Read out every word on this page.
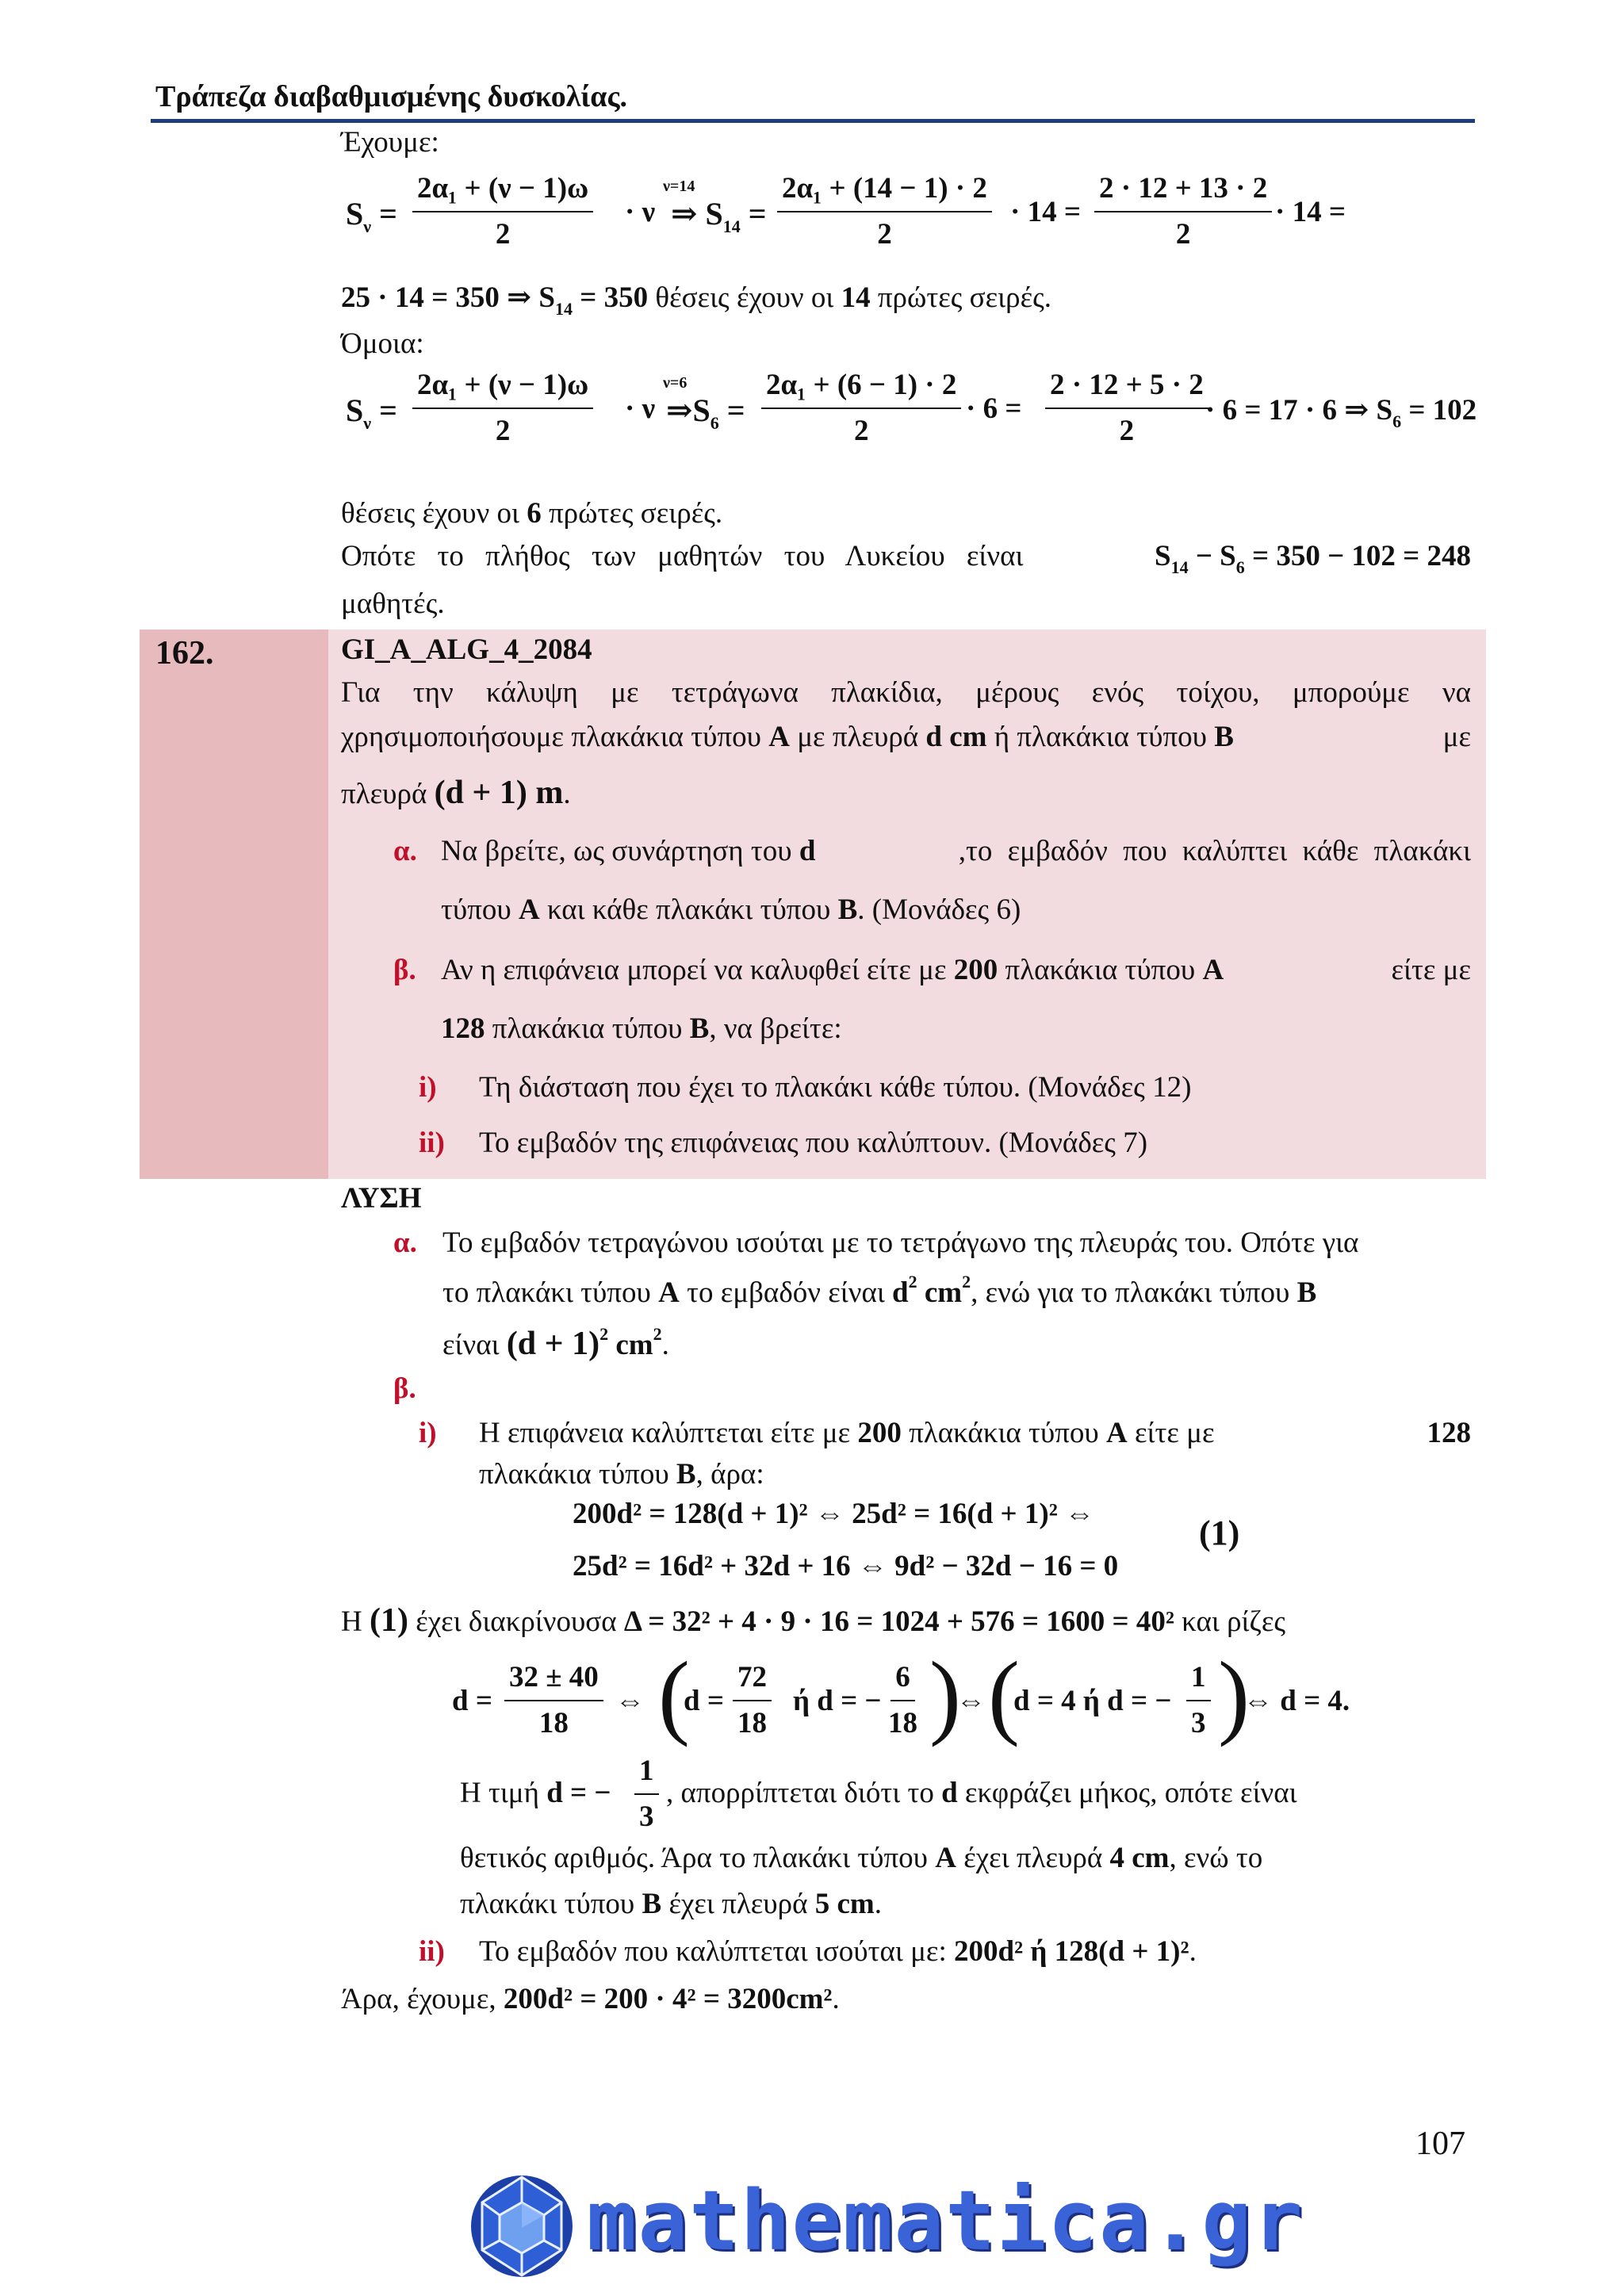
Τράπεζα διαβαθμισμένης δυσκολίας.
Έχουμε:
$S_\nu = \frac{\text{2α₁ + (ν − 1)ω}}{2} \cdot \nu$
ν=14
⇒ $S_{14} = \frac{\text{2α₁ + (14 − 1) · 2}}{2} \cdot 14 = \frac{2 \cdot 12 + 13 \cdot 2}{2} \cdot 14$ =
25 · 14 = 350 ⇒ $S_{14} = 350$ θέσεις έχουν οι 14 πρώτες σειρές.
Όμοια:
$S_\nu = \frac{\text{2α₁ + (ν − 1)ω}}{2} \cdot \nu$
ν=6
$\Rightarrow S_6 = \frac{\text{2α₁ + (6 − 1) · 2}}{2} \cdot 6 = \frac{2 \cdot 12 + 5 \cdot 2}{2}$
· 6 = 17 · 6 ⇒ $S_6 = 102$
θέσεις έχουν οι 6 πρώτες σειρές.
Οπότε το πλήθος των μαθητών του Λυκείου είναι	$S_{14} - S_6 = 350 - 102 = 248$
μαθητές.
162.	GI_A_ALG_4_2084
Για την κάλυψη με τετράγωνα πλακίδια, μέρους ενός τοίχου, μπορούμε να
χρησιμοποιήσουμε πλακάκια τύπου Α με πλευρά d cm ή πλακάκια τύπου Β	με
πλευρά (d + 1) m.
α. Να βρείτε, ως συνάρτηση του d	,το εμβαδόν που καλύπτει κάθε πλακάκι
τύπου Α και κάθε πλακάκι τύπου Β. (Μονάδες 6)
β. Αν η επιφάνεια μπορεί να καλυφθεί είτε με 200 πλακάκια τύπου Α	είτε με
128 πλακάκια τύπου Β, να βρείτε:
i) Τη διάσταση που έχει το πλακάκι κάθε τύπου. (Μονάδες 12)
ii) Το εμβαδόν της επιφάνειας που καλύπτουν. (Μονάδες 7)
ΛΥΣΗ
α. Το εμβαδόν τετραγώνου ισούται με το τετράγωνο της πλευράς του. Οπότε για
το πλακάκι τύπου Α το εμβαδόν είναι $d^2$ $cm^2$, ενώ για το πλακάκι τύπου Β
είναι $(d + 1)^2$ $cm^2$.
β.
i) Η επιφάνεια καλύπτεται είτε με 200 πλακάκια τύπου Α είτε με	128
πλακάκια τύπου Β, άρα:
200d² = 128(d + 1)² ⇔ 25d² = 16(d + 1)² ⇔
25d² = 16d² + 32d + 16 ⇔ 9d² − 32d − 16 = 0
(1)
Η (1) έχει διακρίνουσα Δ = 32² + 4 · 9 · 16 = 1024 + 576 = 1600 = 40² και ρίζες
$d = \frac{32 \pm 40}{18}$ ⇔ (
$d = \frac{72}{18}$ ή d = − $\frac{6}{18}$ )
⇔ (
d = 4 ή d = − $\frac{1}{3}$ )
⇔ d = 4.
Η τιμή d = − $\frac{1}{3}$ , απορρίπτεται διότι το d εκφράζει μήκος, οπότε είναι
θετικός αριθμός. Άρα το πλακάκι τύπου Α έχει πλευρά 4 cm, ενώ το
πλακάκι τύπου Β έχει πλευρά 5 cm.
ii) Το εμβαδόν που καλύπτεται ισούται με: 200d² ή 128(d + 1)².
Άρα, έχουμε, 200d² = 200 · 4² = 3200cm².
107
mathematica.gr
